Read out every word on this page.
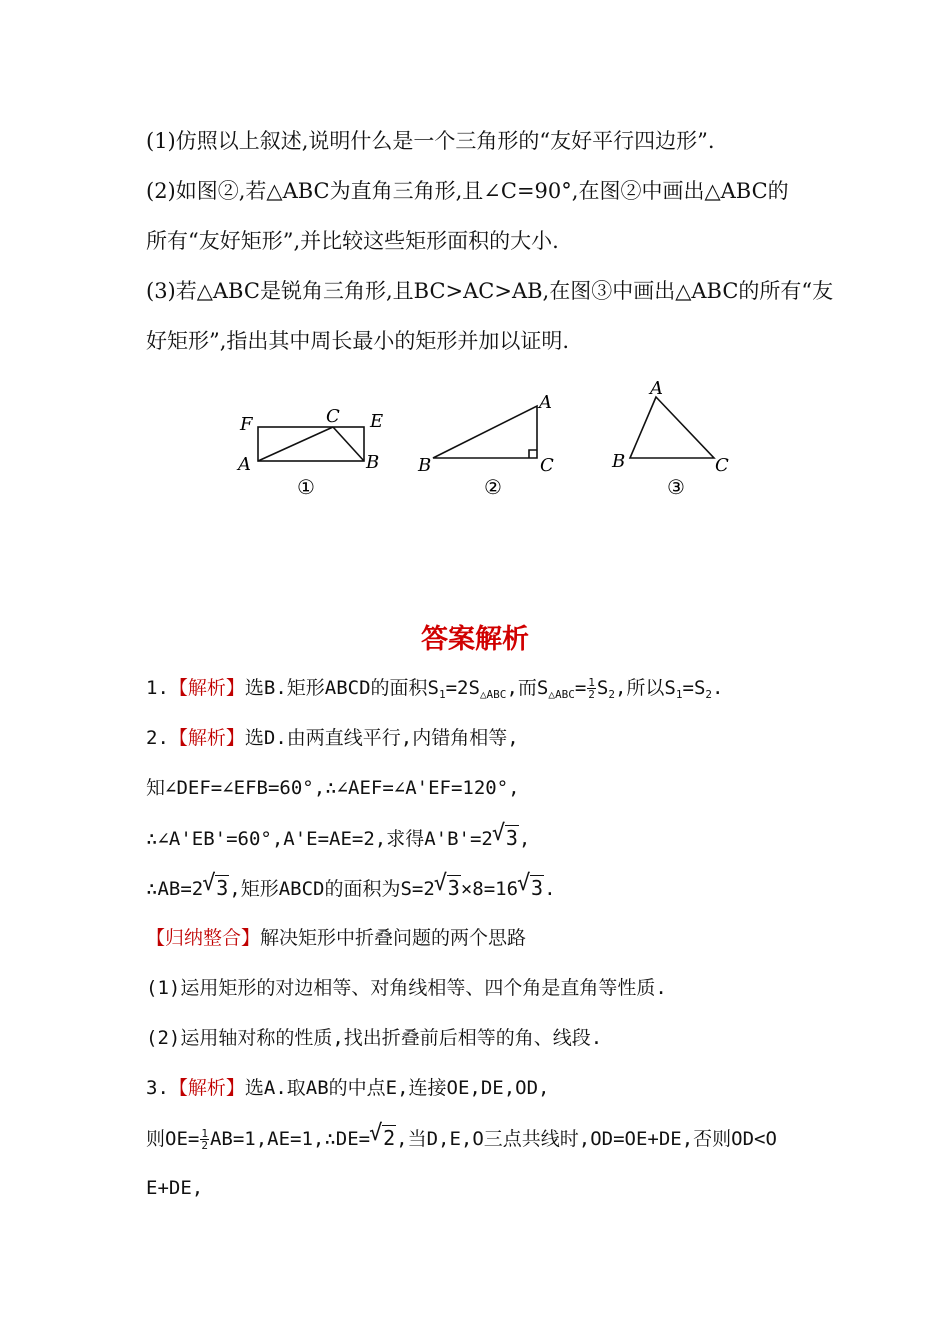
(1)仿照以上叙述,说明什么是一个三角形的“友好平行四边形”.
(2)如图②,若△ABC为直角三角形,且∠C=90°,在图②中画出△ABC的
所有“友好矩形”,并比较这些矩形面积的大小.
(3)若△ABC是锐角三角形,且BC>AC>AB,在图③中画出△ABC的所有“友
好矩形”,指出其中周长最小的矩形并加以证明.
F	C E
A	B
①
A
B	C
②
A
B	C
③
答案解析
1.【解析】选B.矩形ABCD的面积$S_1=2S_{\triangle ABC}$,而$S_{\triangle ABC}= \frac{1}{2} S_2$,所以$S_1=S_2$.
2.【解析】选D.由两直线平行,内错角相等,
知∠DEF=∠EFB=60°,∴∠AEF=∠A'EF=120°,
∴∠A'EB'=60°,A'E=AE=2,求得A'B'=2 √ 3,
∴AB=2 √ 3,矩形ABCD的面积为S=2 √ 3×8=16 √ 3.
【归纳整合】解决矩形中折叠问题的两个思路
(1)运用矩形的对边相等、对角线相等、四个角是直角等性质.
(2)运用轴对称的性质,找出折叠前后相等的角、线段.
3.【解析】选A.取AB的中点E,连接OE,DE,OD,
则$OE= \frac{1}{2}$ AB=1,AE=1,∴DE= √ 2,当D,E,O三点共线时,OD=OE+DE,否则OD<O
E+DE,
